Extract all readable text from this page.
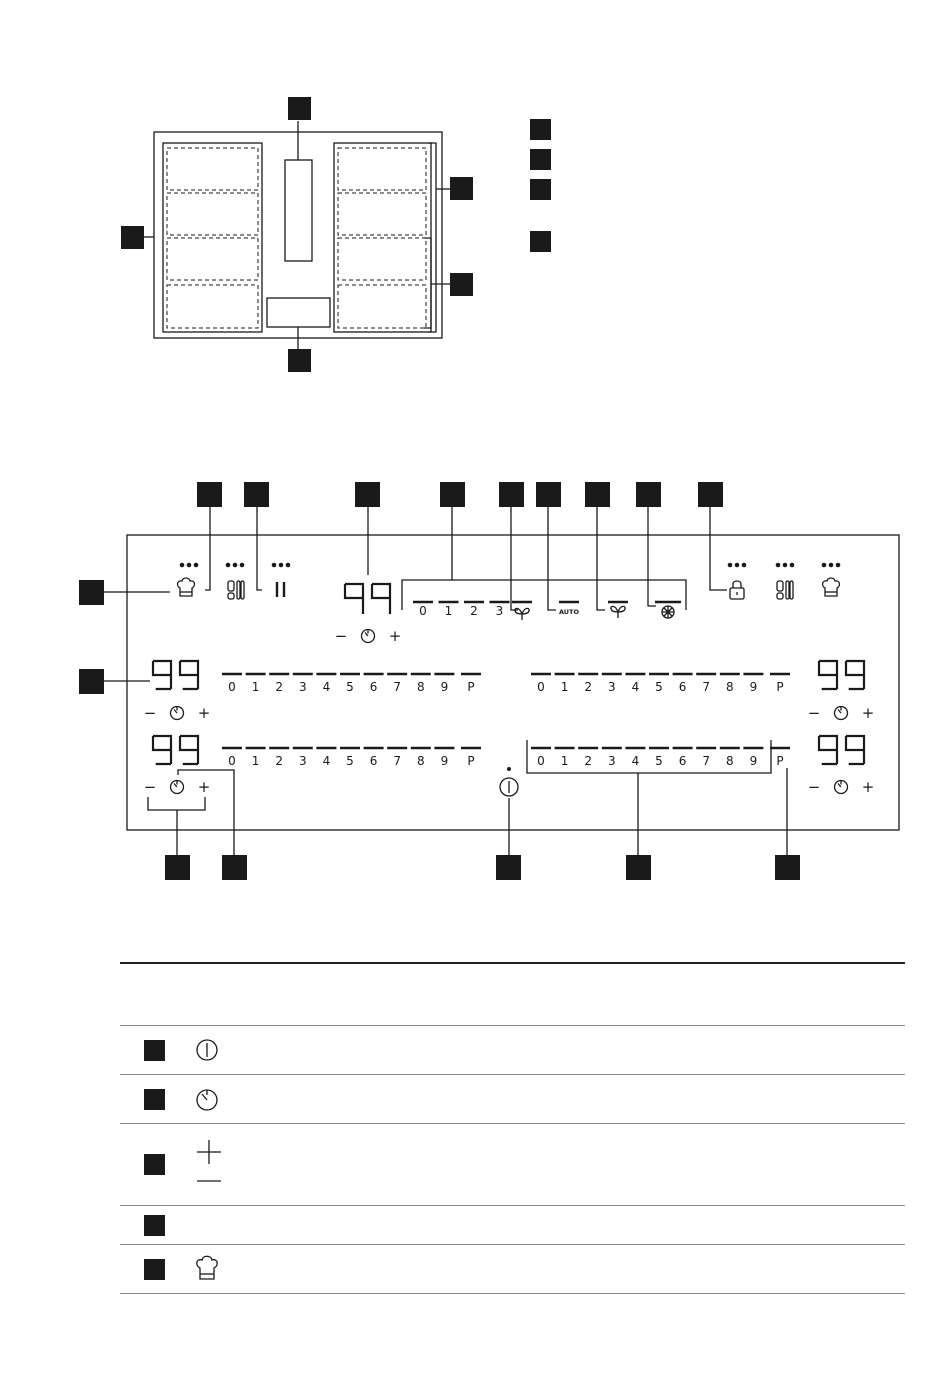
−	+
0 1 2 3	AUTO
0 1 2 3 4 5 6 7 8 9 P	0 1 2 3 4 5 6 7 8 9 P
0 1 2 3 4 5 6 7 8 9 P	0 1 2 3 4 5 6 7 8 9 P
−	+	−	+
−	+	−	+
